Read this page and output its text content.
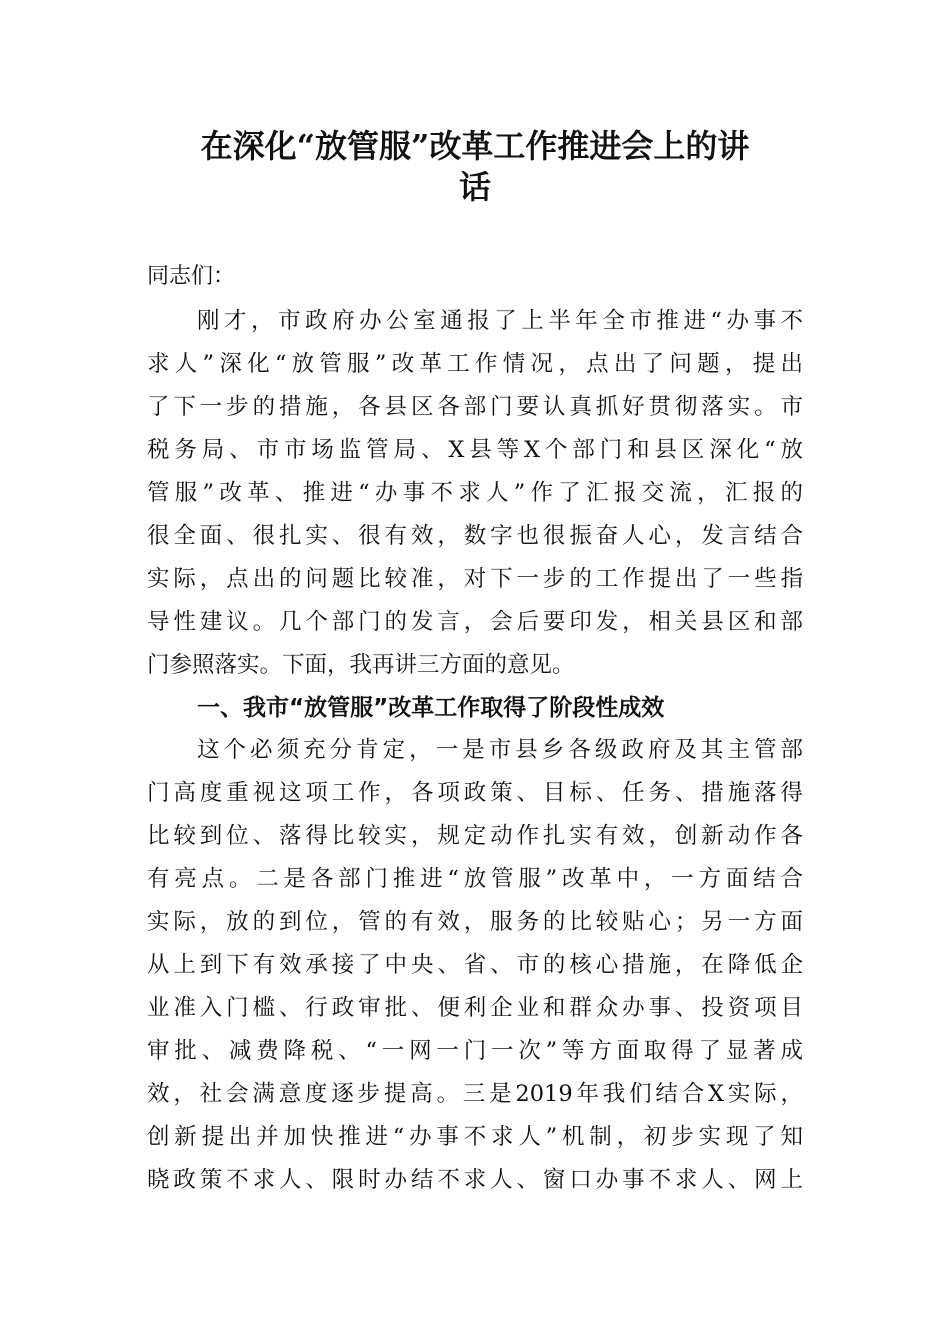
在深化“放管服”改革工作推进会上的讲
话
同志们：
刚才，市政府办公室通报了上半年全市推进“办事不
求人”深化“放管服”改革工作情况，点出了问题，提出
了下一步的措施，各县区各部门要认真抓好贯彻落实。市
税务局、市市场监管局、X县等X个部门和县区深化“放
管服”改革、推进“办事不求人”作了汇报交流，汇报的
很全面、很扎实、很有效，数字也很振奋人心，发言结合
实际，点出的问题比较准，对下一步的工作提出了一些指
导性建议。几个部门的发言，会后要印发，相关县区和部
门参照落实。下面，我再讲三方面的意见。
一、我市“放管服”改革工作取得了阶段性成效
这个必须充分肯定，一是市县乡各级政府及其主管部
门高度重视这项工作，各项政策、目标、任务、措施落得
比较到位、落得比较实，规定动作扎实有效，创新动作各
有亮点。二是各部门推进“放管服”改革中，一方面结合
实际，放的到位，管的有效，服务的比较贴心；另一方面
从上到下有效承接了中央、省、市的核心措施，在降低企
业准入门槛、行政审批、便利企业和群众办事、投资项目
审批、减费降税、“一网一门一次”等方面取得了显著成
效，社会满意度逐步提高。三是2019年我们结合X实际，
创新提出并加快推进“办事不求人”机制，初步实现了知
晓政策不求人、限时办结不求人、窗口办事不求人、网上
